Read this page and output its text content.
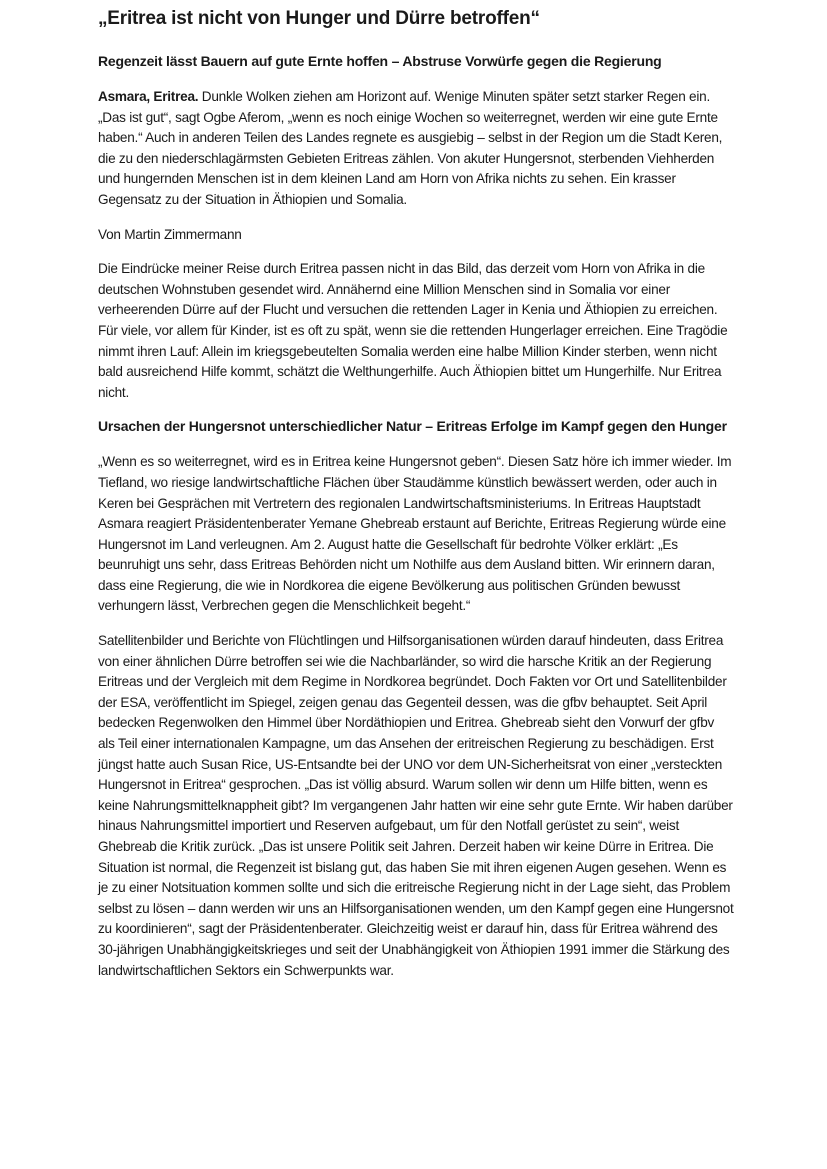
„Eritrea ist nicht von Hunger und Dürre betroffen“
Regenzeit lässt Bauern auf gute Ernte hoffen – Abstruse Vorwürfe gegen die Regierung

Asmara, Eritrea. Dunkle Wolken ziehen am Horizont auf. Wenige Minuten später setzt starker Regen ein. „Das ist gut“, sagt Ogbe Aferom, „wenn es noch einige Wochen so weiterregnet, werden wir eine gute Ernte haben.“ Auch in anderen Teilen des Landes regnete es ausgiebig – selbst in der Region um die Stadt Keren, die zu den niederschlagärmsten Gebieten Eritreas zählen. Von akuter Hungersnot, sterbenden Viehherden und hungernden Menschen ist in dem kleinen Land am Horn von Afrika nichts zu sehen. Ein krasser Gegensatz zu der Situation in Äthiopien und Somalia.

Von Martin Zimmermann

Die Eindrücke meiner Reise durch Eritrea passen nicht in das Bild, das derzeit vom Horn von Afrika in die deutschen Wohnstuben gesendet wird. Annähernd eine Million Menschen sind in Somalia vor einer verheerenden Dürre auf der Flucht und versuchen die rettenden Lager in Kenia und Äthiopien zu erreichen. Für viele, vor allem für Kinder, ist es oft zu spät, wenn sie die rettenden Hungerlager erreichen. Eine Tragödie nimmt ihren Lauf: Allein im kriegsgebeutelten Somalia werden eine halbe Million Kinder sterben, wenn nicht bald ausreichend Hilfe kommt, schätzt die Welthungerhilfe. Auch Äthiopien bittet um Hungerhilfe. Nur Eritrea nicht.

Ursachen der Hungersnot unterschiedlicher Natur – Eritreas Erfolge im Kampf gegen den Hunger

„Wenn es so weiterregnet, wird es in Eritrea keine Hungersnot geben“. Diesen Satz höre ich immer wieder. Im Tiefland, wo riesige landwirtschaftliche Flächen über Staudämme künstlich bewässert werden, oder auch in Keren bei Gesprächen mit Vertretern des regionalen Landwirtschaftsministeriums. In Eritreas Hauptstadt Asmara reagiert Präsidentenberater Yemane Ghebreab erstaunt auf Berichte, Eritreas Regierung würde eine Hungersnot im Land verleugnen. Am 2. August hatte die Gesellschaft für bedrohte Völker erklärt: „Es beunruhigt uns sehr, dass Eritreas Behörden nicht um Nothilfe aus dem Ausland bitten. Wir erinnern daran, dass eine Regierung, die wie in Nordkorea die eigene Bevölkerung aus politischen Gründen bewusst verhungern lässt, Verbrechen gegen die Menschlichkeit begeht.“

Satellitenbilder und Berichte von Flüchtlingen und Hilfsorganisationen würden darauf hindeuten, dass Eritrea von einer ähnlichen Dürre betroffen sei wie die Nachbarländer, so wird die harsche Kritik an der Regierung Eritreas und der Vergleich mit dem Regime in Nordkorea begründet. Doch Fakten vor Ort und Satellitenbilder der ESA, veröffentlicht im Spiegel, zeigen genau das Gegenteil dessen, was die gfbv behauptet. Seit April bedecken Regenwolken den Himmel über Nordäthiopien und Eritrea. Ghebreab sieht den Vorwurf der gfbv als Teil einer internationalen Kampagne, um das Ansehen der eritreischen Regierung zu beschädigen. Erst jüngst hatte auch Susan Rice, US-Entsandte bei der UNO vor dem UN-Sicherheitsrat von einer „versteckten Hungersnot in Eritrea“ gesprochen. „Das ist völlig absurd. Warum sollen wir denn um Hilfe bitten, wenn es keine Nahrungsmittelknappheit gibt? Im vergangenen Jahr hatten wir eine sehr gute Ernte. Wir haben darüber hinaus Nahrungsmittel importiert und Reserven aufgebaut, um für den Notfall gerüstet zu sein“, weist Ghebreab die Kritik zurück. „Das ist unsere Politik seit Jahren. Derzeit haben wir keine Dürre in Eritrea. Die Situation ist normal, die Regenzeit ist bislang gut, das haben Sie mit ihren eigenen Augen gesehen. Wenn es je zu einer Notsituation kommen sollte und sich die eritreische Regierung nicht in der Lage sieht, das Problem selbst zu lösen – dann werden wir uns an Hilfsorganisationen wenden, um den Kampf gegen eine Hungersnot zu koordinieren“, sagt der Präsidentenberater. Gleichzeitig weist er darauf hin, dass für Eritrea während des 30-jährigen Unabhängigkeitskrieges und seit der Unabhängigkeit von Äthiopien 1991 immer die Stärkung des landwirtschaftlichen Sektors ein Schwerpunkts war.
